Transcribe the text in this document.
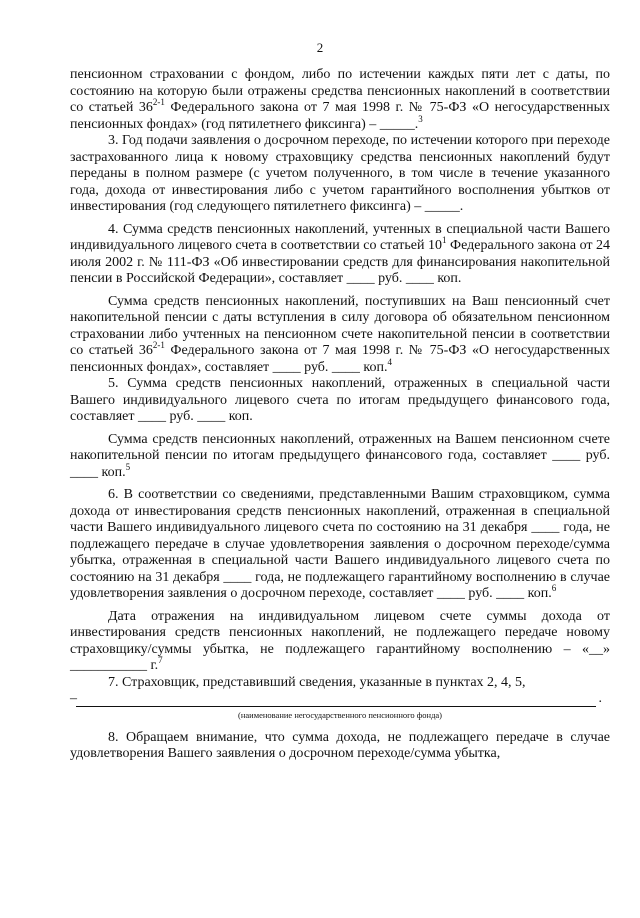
2

пенсионном страховании с фондом, либо по истечении каждых пяти лет с даты, по состоянию на которую были отражены средства пенсионных накоплений в соответствии со статьей 36$^{2-1}$ Федерального закона от 7 мая 1998 г. № 75-ФЗ «О негосударственных пенсионных фондах» (год пятилетнего фиксинга) – _____.$^3$

3. Год подачи заявления о досрочном переходе, по истечении которого при переходе застрахованного лица к новому страховщику средства пенсионных накоплений будут переданы в полном размере (с учетом полученного, в том числе в течение указанного года, дохода от инвестирования либо с учетом гарантийного восполнения убытков от инвестирования (год следующего пятилетнего фиксинга) – _____.

4. Сумма средств пенсионных накоплений, учтенных в специальной части Вашего индивидуального лицевого счета в соответствии со статьей $10^1$ Федерального закона от 24 июля 2002 г. № 111-ФЗ «Об инвестировании средств для финансирования накопительной пенсии в Российской Федерации», составляет ____ руб. ____ коп.

Сумма средств пенсионных накоплений, поступивших на Ваш пенсионный счет накопительной пенсии с даты вступления в силу договора об обязательном пенсионном страховании либо учтенных на пенсионном счете накопительной пенсии в соответствии со статьей 36$^{2-1}$ Федерального закона от 7 мая 1998 г. № 75-ФЗ «О негосударственных пенсионных фондах», составляет ____ руб. ____ коп.$^4$

5. Сумма средств пенсионных накоплений, отраженных в специальной части Вашего индивидуального лицевого счета по итогам предыдущего финансового года, составляет ____ руб. ____ коп.

Сумма средств пенсионных накоплений, отраженных на Вашем пенсионном счете накопительной пенсии по итогам предыдущего финансового года, составляет ____ руб. ____ коп.$^5$

6. В соответствии со сведениями, представленными Вашим страховщиком, сумма дохода от инвестирования средств пенсионных накоплений, отраженная в специальной части Вашего индивидуального лицевого счета по состоянию на 31 декабря ____ года, не подлежащего передаче в случае удовлетворения заявления о досрочном переходе/сумма убытка, отраженная в специальной части Вашего индивидуального лицевого счета по состоянию на 31 декабря ____ года, не подлежащего гарантийному восполнению в случае удовлетворения заявления о досрочном переходе, составляет ____ руб. ____ коп.$^6$

Дата отражения на индивидуальном лицевом счете суммы дохода от инвестирования средств пенсионных накоплений, не подлежащего передаче новому страховщику/суммы убытка, не подлежащего гарантийному восполнению – «__» ___________ г.$^7$

7. Страховщик, представивший сведения, указанные в пунктах 2, 4, 5,

–	.
(наименование негосударственного пенсионного фонда)

8. Обращаем внимание, что сумма дохода, не подлежащего передаче в случае удовлетворения Вашего заявления о досрочном переходе/сумма убытка,
